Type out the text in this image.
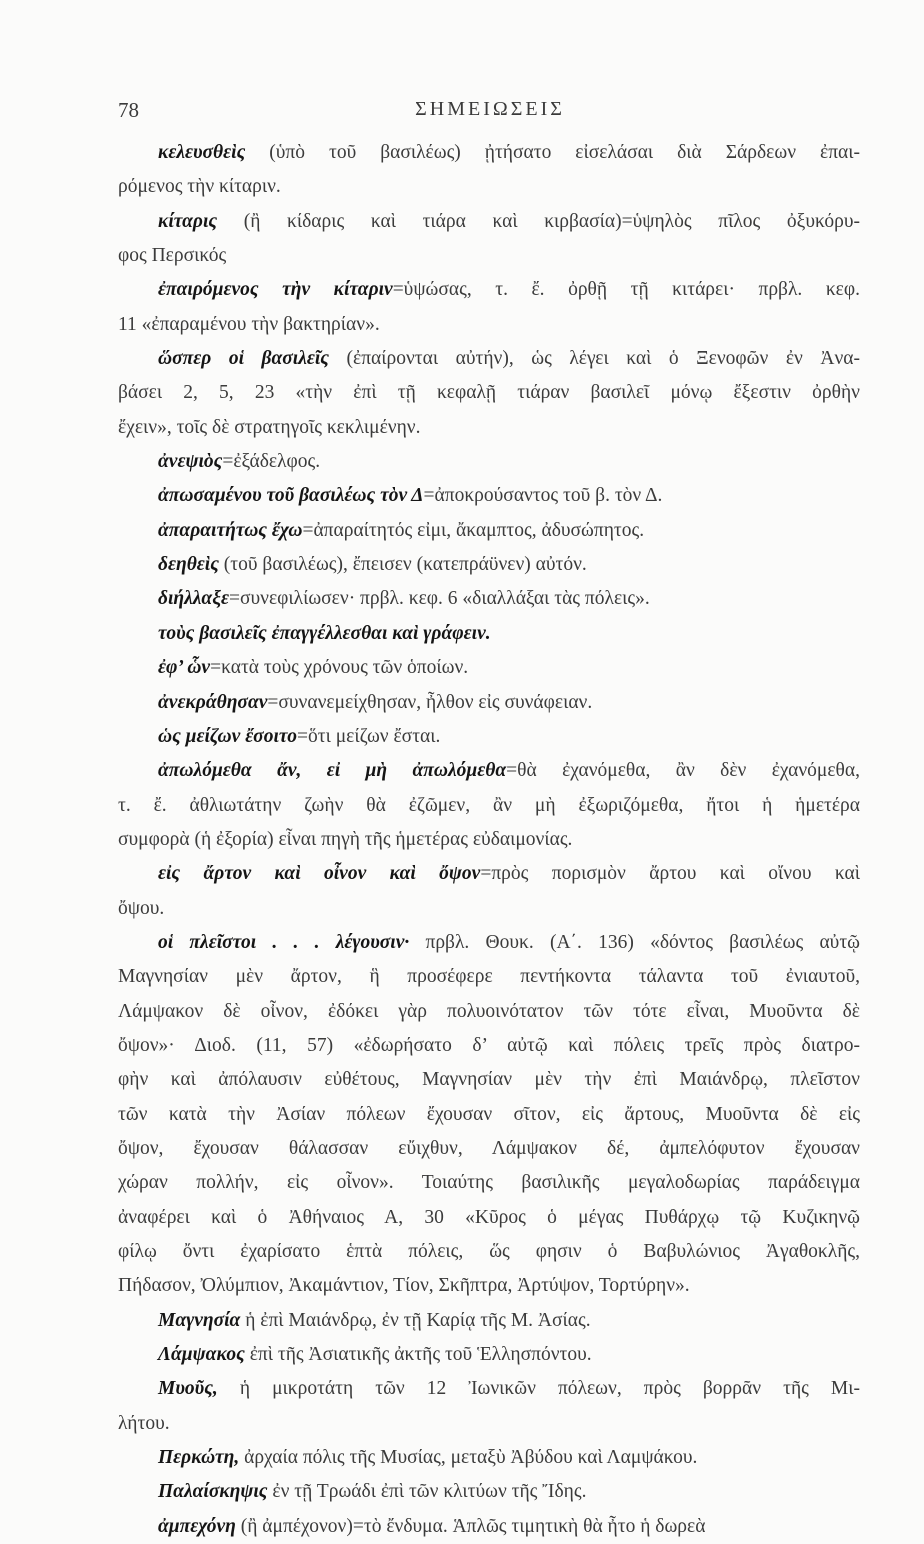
78	ΣΗΜΕΙΩΣΕΙΣ
κελευσθεὶς (ὑπὸ τοῦ βασιλέως) ᾐτήσατο εἰσελάσαι διὰ Σάρδεων ἐπαι-
ρόμενος τὴν κίταριν.
κίταρις (ἢ κίδαρις καὶ τιάρα καὶ κιρβασία)=ὑψηλὸς πῖλος ὀξυκόρυ-
φος Περσικός
ἐπαιρόμενος τὴν κίταριν=ὑψώσας, τ. ἔ. ὀρθῇ τῇ κιτάρει· πρβλ. κεφ.
11 «ἐπαραμένου τὴν βακτηρίαν».
ὥσπερ οἱ βασιλεῖς (ἐπαίρονται αὐτήν), ὡς λέγει καὶ ὁ Ξενοφῶν ἐν Ἀνα-
βάσει 2, 5, 23 «τὴν ἐπὶ τῇ κεφαλῇ τιάραν βασιλεῖ μόνῳ ἔξεστιν ὀρθὴν
ἔχειν», τοῖς δὲ στρατηγοῖς κεκλιμένην.
ἀνεψιὸς=ἐξάδελφος.
ἀπωσαμένου τοῦ βασιλέως τὸν Δ=ἀποκρούσαντος τοῦ β. τὸν Δ.
ἀπαραιτήτως ἔχω=ἀπαραίτητός εἰμι, ἄκαμπτος, ἀδυσώπητος.
δεηθεὶς (τοῦ βασιλέως), ἔπεισεν (κατεπράϋνεν) αὐτόν.
διήλλαξε=συνεφιλίωσεν· πρβλ. κεφ. 6 «διαλλάξαι τὰς πόλεις».
τοὺς βασιλεῖς ἐπαγγέλλεσθαι καὶ γράφειν.
ἐφ’ ὧν=κατὰ τοὺς χρόνους τῶν ὁποίων.
ἀνεκράθησαν=συνανεμείχθησαν, ἦλθον εἰς συνάφειαν.
ὡς μείζων ἔσοιτο=ὅτι μείζων ἔσται.
ἀπωλόμεθα ἄν, εἰ μὴ ἀπωλόμεθα=θὰ ἐχανόμεθα, ἂν δὲν ἐχανόμεθα,
τ. ἔ. ἀθλιωτάτην ζωὴν θὰ ἐζῶμεν, ἂν μὴ ἐξωριζόμεθα, ἤτοι ἡ ἡμετέρα
συμφορὰ (ἡ ἐξορία) εἶναι πηγὴ τῆς ἡμετέρας εὐδαιμονίας.
εἰς ἄρτον καὶ οἶνον καὶ ὄψον=πρὸς πορισμὸν ἄρτου καὶ οἴνου καὶ
ὄψου.
οἱ πλεῖστοι . . . λέγουσιν· πρβλ. Θουκ. (Α΄. 136) «δόντος βασιλέως αὐτῷ
Μαγνησίαν μὲν ἄρτον, ἣ προσέφερε πεντήκοντα τάλαντα τοῦ ἐνιαυτοῦ,
Λάμψακον δὲ οἶνον, ἐδόκει γὰρ πολυοινότατον τῶν τότε εἶναι, Μυοῦντα δὲ
ὄψον»· Διοδ. (11, 57) «ἐδωρήσατο δ’ αὐτῷ καὶ πόλεις τρεῖς πρὸς διατρο-
φὴν καὶ ἀπόλαυσιν εὐθέτους, Μαγνησίαν μὲν τὴν ἐπὶ Μαιάνδρῳ, πλεῖστον
τῶν κατὰ τὴν Ἀσίαν πόλεων ἔχουσαν σῖτον, εἰς ἄρτους, Μυοῦντα δὲ εἰς
ὄψον, ἔχουσαν θάλασσαν εὔιχθυν, Λάμψακον δέ, ἀμπελόφυτον ἔχουσαν
χώραν πολλήν, εἰς οἶνον». Τοιαύτης βασιλικῆς μεγαλοδωρίας παράδειγμα
ἀναφέρει καὶ ὁ Ἀθήναιος Α, 30 «Κῦρος ὁ μέγας Πυθάρχῳ τῷ Κυζικηνῷ
φίλῳ ὄντι ἐχαρίσατο ἑπτὰ πόλεις, ὥς φησιν ὁ Βαβυλώνιος Ἀγαθοκλῆς,
Πήδασον, Ὀλύμπιον, Ἀκαμάντιον, Τίον, Σκῆπτρα, Ἀρτύψον, Τορτύρην».
Μαγνησία ἡ ἐπὶ Μαιάνδρῳ, ἐν τῇ Καρίᾳ τῆς Μ. Ἀσίας.
Λάμψακος ἐπὶ τῆς Ἀσιατικῆς ἀκτῆς τοῦ Ἑλλησπόντου.
Μυοῦς, ἡ μικροτάτη τῶν 12 Ἰωνικῶν πόλεων, πρὸς βορρᾶν τῆς Μι-
λήτου.
Περκώτη, ἀρχαία πόλις τῆς Μυσίας, μεταξὺ Ἀβύδου καὶ Λαμψάκου.
Παλαίσκηψις ἐν τῇ Τρωάδι ἐπὶ τῶν κλιτύων τῆς Ἴδης.
ἀμπεχόνη (ἢ ἀμπέχονον)=τὸ ἔνδυμα. Ἁπλῶς τιμητικὴ θὰ ἦτο ἡ δωρεὰ
